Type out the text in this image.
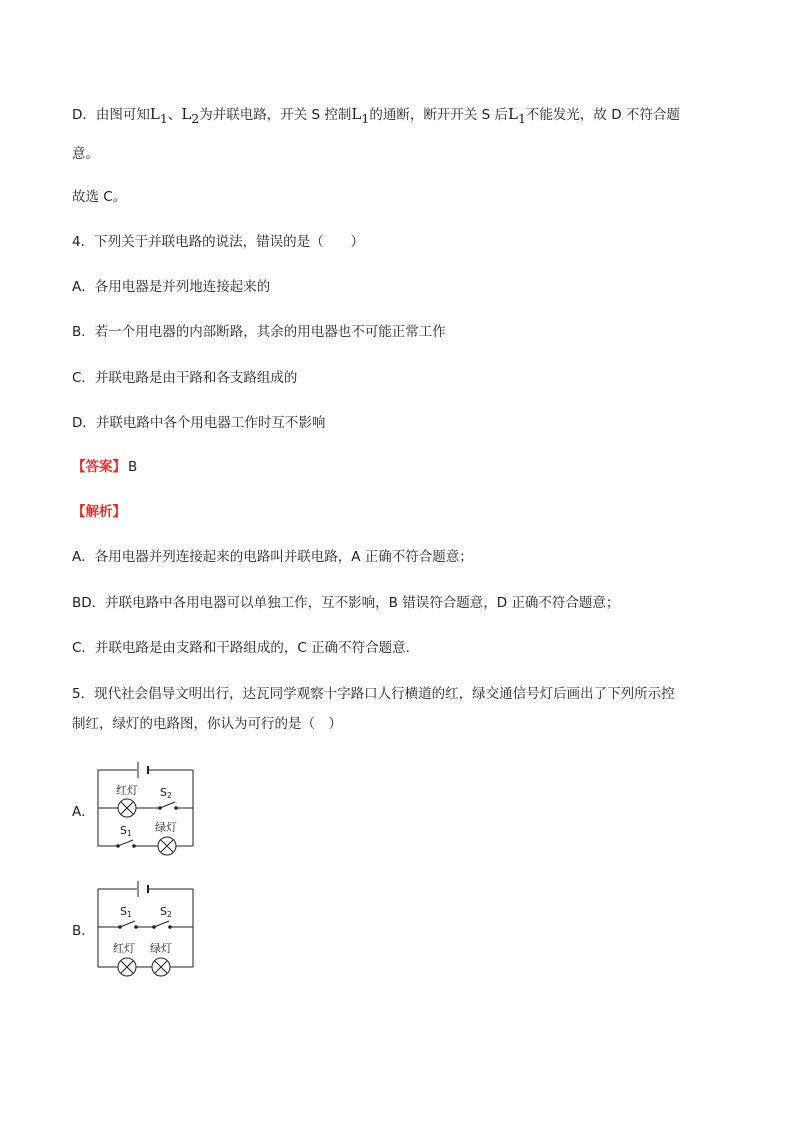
D．由图可知$L_1$、$L_2$为并联电路，开关 S 控制$L_1$的通断，断开开关 S 后$L_1$不能发光，故 D 不符合题
意。
故选 C。
4．下列关于并联电路的说法，错误的是（　　）
A．各用电器是并列地连接起来的
B．若一个用电器的内部断路，其余的用电器也不可能正常工作
C．并联电路是由干路和各支路组成的
D．并联电路中各个用电器工作时互不影响
【答案】 B
【解析】
A．各用电器并列连接起来的电路叫并联电路，A 正确不符合题意；
BD．并联电路中各用电器可以单独工作，互不影响，B 错误符合题意，D 正确不符合题意；
C．并联电路是由支路和干路组成的，C 正确不符合题意．
5．现代社会倡导文明出行，达瓦同学观察十字路口人行横道的红，绿交通信号灯后画出了下列所示控
制红，绿灯的电路图，你认为可行的是（　）
A．
红灯 S2
S1 绿灯
B．
S1	S2
红灯 绿灯
